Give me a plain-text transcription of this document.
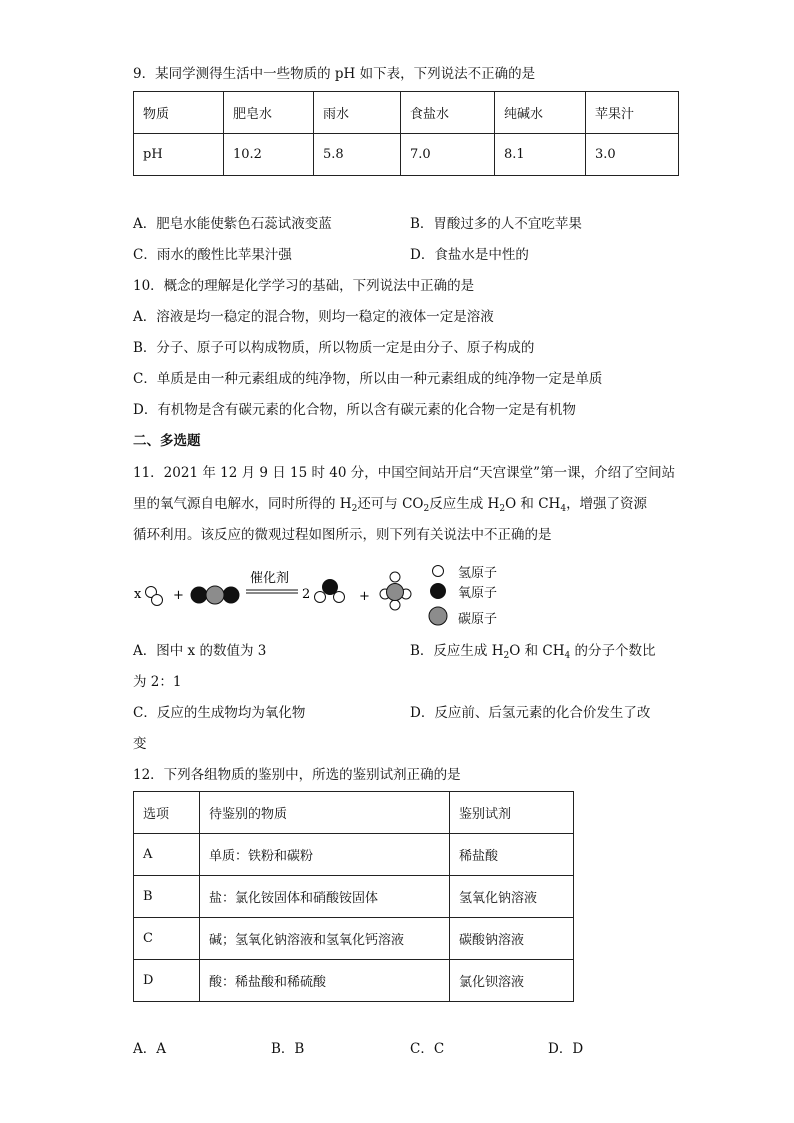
9．某同学测得生活中一些物质的 pH 如下表，下列说法不正确的是
物质	肥皂水	雨水	食盐水	纯碱水	苹果汁
pH	10.2	5.8	7.0	8.1	3.0
A．肥皂水能使紫色石蕊试液变蓝	B．胃酸过多的人不宜吃苹果
C．雨水的酸性比苹果汁强	D．食盐水是中性的
10．概念的理解是化学学习的基础，下列说法中正确的是
A．溶液是均一稳定的混合物，则均一稳定的液体一定是溶液
B．分子、原子可以构成物质，所以物质一定是由分子、原子构成的
C．单质是由一种元素组成的纯净物，所以由一种元素组成的纯净物一定是单质
D．有机物是含有碳元素的化合物，所以含有碳元素的化合物一定是有机物
二、多选题
11．2021 年 12 月 9 日 15 时 40 分，中国空间站开启“天宫课堂”第一课，介绍了空间站
里的氧气源自电解水，同时所得的 $H_2$还可与 $CO_2$反应生成 $H_2O$ 和 $CH_4$，增强了资源
循环利用。该反应的微观过程如图所示，则下列有关说法中不正确的是
x +
催化剂
2	+
氢原子
氧原子
碳原子
A．图中 x 的数值为 3	B．反应生成 $H_2O$ 和 $CH_4$ 的分子个数比
为 2：1
C．反应的生成物均为氧化物	D．反应前、后氢元素的化合价发生了改
变
12．下列各组物质的鉴别中，所选的鉴别试剂正确的是
选项	待鉴别的物质	鉴别试剂
A	单质：铁粉和碳粉	稀盐酸
B	盐：氯化铵固体和硝酸铵固体	氢氧化钠溶液
C	碱；氢氧化钠溶液和氢氧化钙溶液	碳酸钠溶液
D	酸：稀盐酸和稀硫酸	氯化钡溶液
A．A	B．B	C．C	D．D
